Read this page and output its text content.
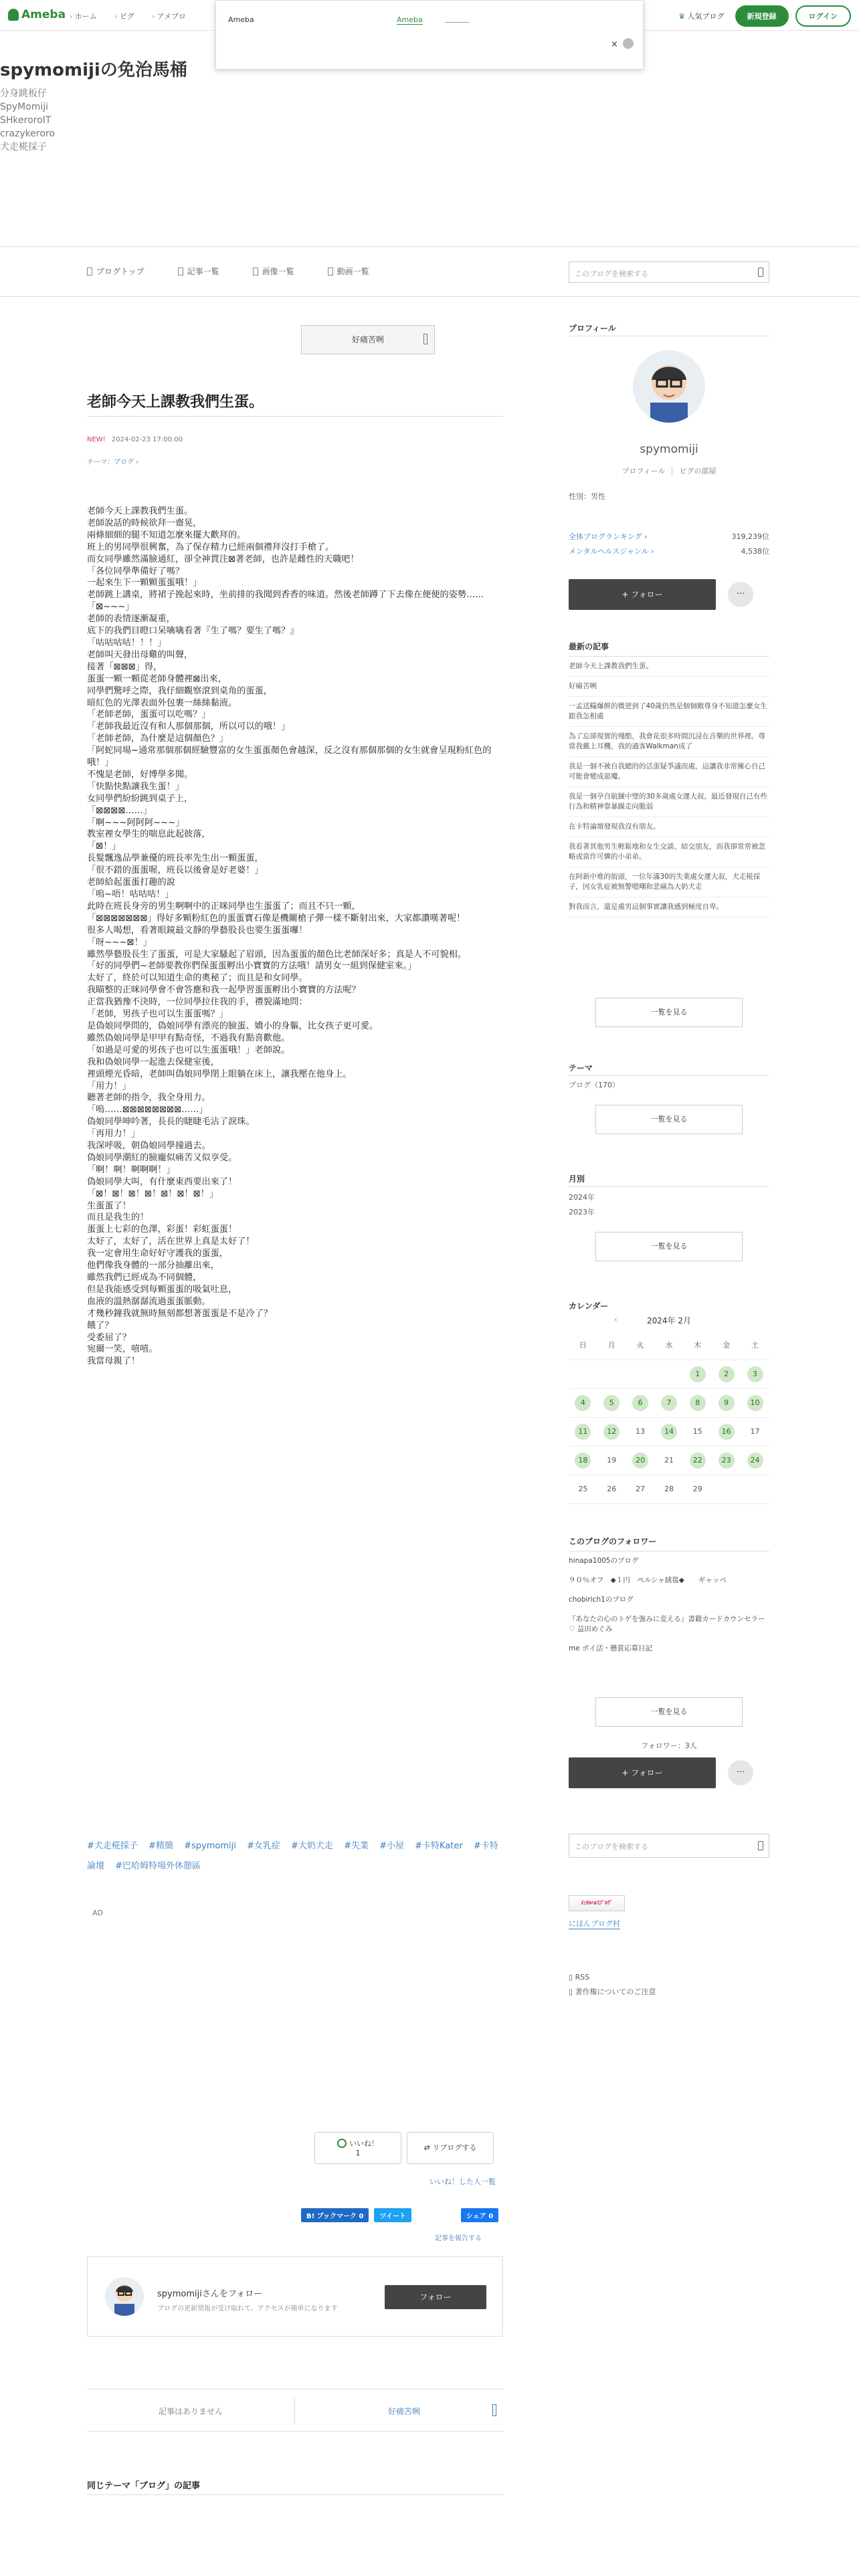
Ameba	› ホーム	› ピグ	› アメブロ	♛ 人気ブログ	新規登録	ログイン
Ameba	Ameba
×
spymomijiの免治馬桶
分身跳板仔
SpyMomiji
SHkeroroIT
crazykeroro
犬走椛採子
ブログトップ	記事一覧	画像一覧	動画一覧	このブログを検索する
好痛苦咧
老師今天上課教我們生蛋。
NEW! 2024-02-23 17:00:00
テーマ：ブログ ›
老師今天上課教我們生蛋。
老師說話的時候欲拜一齋晃，
兩條細細的腿不知道怎麼來擺大歡拜的。
班上的男同學很興奮，為了保存精力已經兩個禮拜沒打手槍了。
而女同學雖然滿臉通紅，卻全神貫注⊠著老師，也許是雌性的天職吧！
「各位同學準備好了嗎？
一起來生下一顆顆蛋蛋哦！」
老師跳上講桌，將裙子挽起來時，坐前排的我聞到香香的味道。然後老師蹲了下去像在便便的姿勢……
「⊠~~~」
老師的表情逐漸凝重，
底下的我們目瞪口呆噙噙看著『生了嗎？要生了嗎？』
「咕咕咕咕！！！」
老師叫天發出母雞的叫聲，
接著「⊠⊠⊠」得，
蛋蛋一顆一顆從老師身體裡⊠出來，
同學們驚呼之際，我仔細觀察滾到桌角的蛋蛋，
暗紅色的光澤表面外包裹一絲絲黏液。
「老師老師，蛋蛋可以吃嗎？」
「老師我最近沒有和人那個那個，所以可以的哦！」
「老師老師，為什麼是這個顏色？」
「阿蛇同場~通常那個那個經驗豐富的女生蛋蛋顏色會越深，反之沒有那個那個的女生就會呈現粉紅色的哦！」
不愧是老師，好博學多聞。
「快點快點讓我生蛋！」
女同學們紛紛跳到桌子上，
「⊠⊠⊠⊠……」
「啊~~~阿阿阿~~~」
教室裡女學生的喘息此起彼落，
「⊠！」
長髮飄逸品學兼優的班長率先生出一顆蛋蛋，
「很不錯的蛋蛋喔，班長以後會是好老婆！」
老師給起蛋蛋打趣的說
「嗚~唔！咕咕咕！」
此時在班長身旁的男生啊啊中的正咪同學也生蛋蛋了；而且不只一顆，
「⊠⊠⊠⊠⊠⊠⊠」得好多顆粉紅色的蛋蛋寶石像是機關槍子彈一樣不斷射出來，大家都讚嘆著呢！
很多人喝想，看著眼鏡最文靜的學藝股長也要生蛋蛋囉！
「呀~~~⊠！」
雖然學藝股長生了蛋蛋，可是大家騷起了眉頭，因為蛋蛋的顏色比老師深好多；真是人不可貌相。
「好的同學們~老師要教你們保蛋蛋孵出小寶寶的方法哦！請男女一組到保健室來。」
太好了，終於可以知道生命的奧秘了；而且是和女同學。
我瞄整的正咪同學會不會答應和我一起學習蛋蛋孵出小寶寶的方法呢？
正當我猶豫不決時，一位同學拉住我的手，禮貌滿地問：
「老師，男孩子也可以生蛋蛋嗎？」
是偽娘同學問的，偽娘同學有漂亮的臉蛋、嬌小的身軀，比女孩子更可愛。
雖然偽娘同學是甲甲有點奇怪，不過我有點喜歡他。
「如過是可愛的男孩子也可以生蛋蛋哦！」老師說。
我和偽娘同學一起進去保健室後，
裡頭煙光昏暗，老師叫偽娘同學閉上眼躺在床上，讓我壓在他身上。
「用力！」
聽著老師的指令，我全身用力。
「嗚……⊠⊠⊠⊠⊠⊠⊠⊠……」
偽娘同學呻吟著，長長的睫睫毛沾了淚珠。
「再用力！」
我深呼吸，朝偽娘同學撞過去。
偽娘同學潮紅的臉龐似痛苦又似享受。
「啊！啊！啊啊啊！」
偽娘同學大叫，有什麼東西要出來了！
「⊠！⊠！⊠！⊠！⊠！⊠！⊠！」
生蛋蛋了！
而且是我生的！
蛋蛋上七彩的色澤，彩蛋！彩虹蛋蛋！
太好了，太好了，活在世界上真是太好了！
我一定會用生命好好守護我的蛋蛋，
他們像我身體的一部分抽離出來，
雖然我們已經成為不同個體，
但是我能感受到每顆蛋蛋的吸氣吐息，
血液的溫熱潺潺流過蛋蛋脈動。
才幾秒鐘我就無時無刻都想著蛋蛋是不是冷了？
餓了？
受委屈了？
宛爾一笑，嘻嘻。
我當母親了！
#犬走椛採子 #精簡 #spymomiji #女乳症 #大奶犬走 #失業 #小屋 #卡特Kater #卡特論壇 #巴哈姆特場外休憩區
AD
いいね！
1
⇄ リブログする
いいね！した人一覧
B! ブックマーク 0	ツイート	シェア 0
記事を報告する
spymomijiさんをフォロー
ブログの更新情報が受け取れて、アクセスが簡単になります
フォロー
記事はありません	好痛苦咧
同じテーマ「ブログ」の記事
プロフィール
spymomiji
プロフィール ピグの部屋
性別：男性
全体ブログランキング ›	319,239位
メンタルヘルスジャンル ›	4,538位
+ フォロー	···
最新の記事
老師今天上課教我們生蛋。
好痛苦咧
一孟送糧爆餅的微逆到了40歲仍然是個個敞尊身不知道怎麼女生跟我怎相處
為了忘卻現實的殘酷，我會花很多時間沉浸在音樂的世界裡。尊當我戴上耳機，我的過客Walkman成了
我是一個不被自我總的的活蛋疑爭議而處，這讓我非常擁心自己可能會變成惡魔。
我是一個孕自航腫中璧的30多歲處女運大叔，最近發現自己有些行為和精神靠暴躁走向脆弱
在卡特論壇發現我沒有朋友。
我看著其他男生輕鬆地和女生交談、結交朋友，而我卻常常被忽略或當作可憐的小弟弟。
在阿新中堆的街頭，一位年滿30的失業處女運大叔，犬走椛採子，因女乳症被無警嗯嘲和悲痛為大奶犬走
對我而言，還是處男這個事實讓我感到極度自卑。
一覧を見る
テーマ
ブログ（170）
一覧を見る
月別
2024年
2023年
一覧を見る
カレンダー
‹	2024年 2月
日	月	火	水	木	金	土
				1	2	3
4	5	6	7	8	9	10
11	12	13	14	15	16	17
18	19	20	21	22	23	24
25	26	27	28	29		
このブログのフォロワー
hinapa1005のブログ
９０％オフ　◆１円　ペルシャ絨毯◆　　ギャッベ
chobirich1のブログ
『あなたの心のトゲを強みに変える』書籍カードカウンセラー♡ 益田めぐみ
me ポイ活・懸賞応募日記
一覧を見る
フォロワー：3人
+ フォロー	···
このブログを検索する
ﾒﾝﾀﾙﾍﾙｽﾌﾞﾛｸﾞ
にほんブログ村
▯ RSS
▯ 著作権についてのご注意
